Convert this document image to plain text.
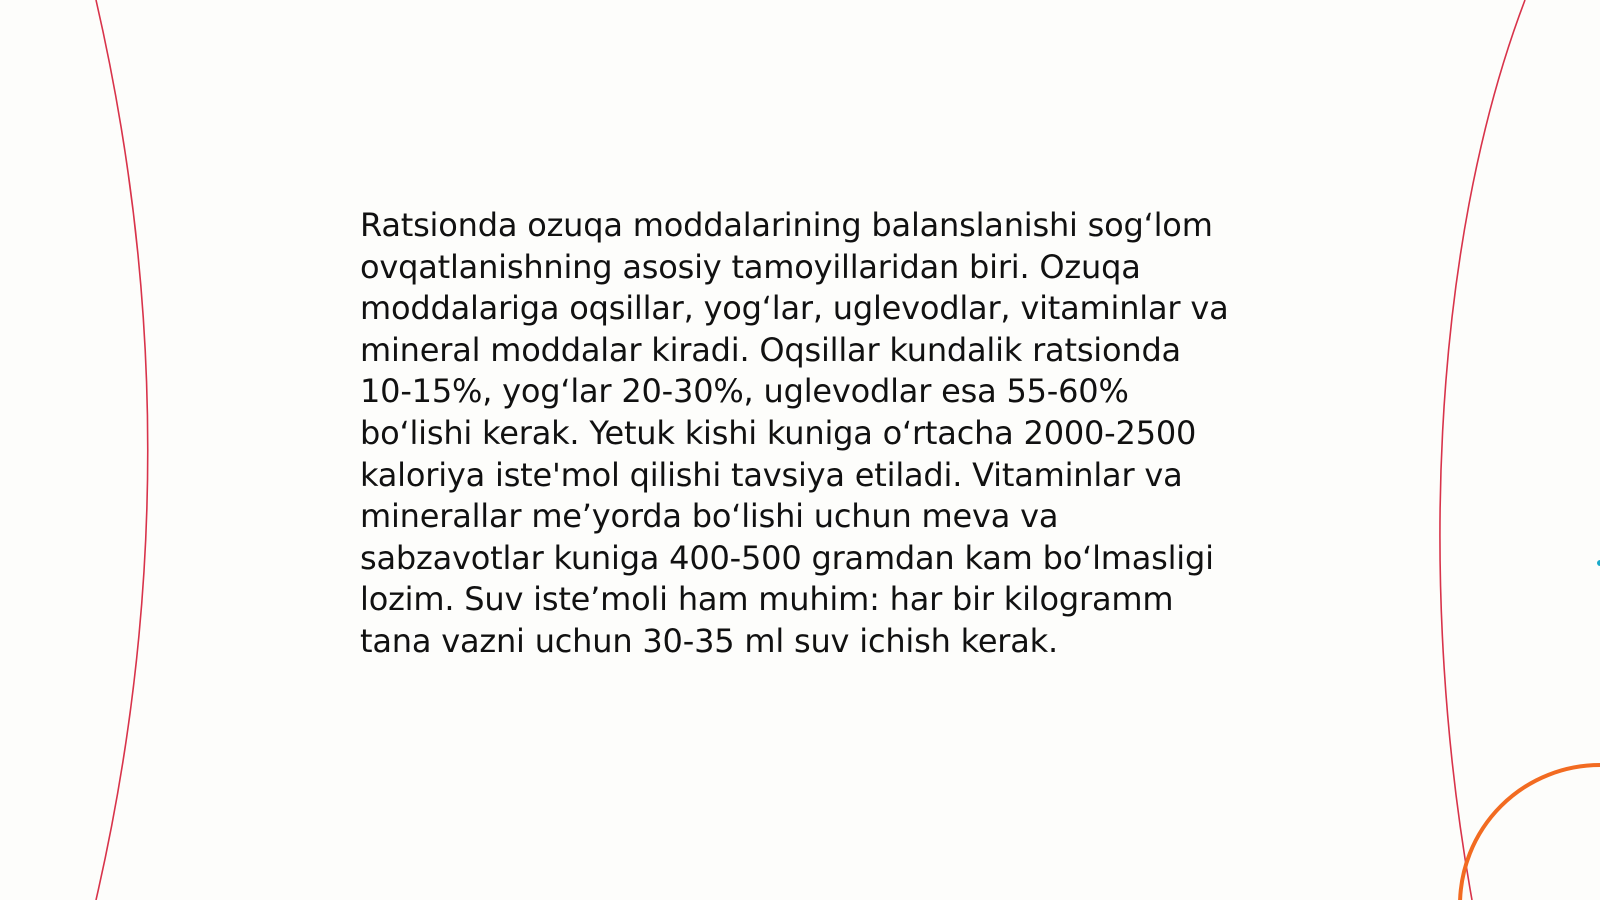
Ratsionda ozuqa moddalarining balanslanishi sog‘lom
ovqatlanishning asosiy tamoyillaridan biri. Ozuqa
moddalariga oqsillar, yog‘lar, uglevodlar, vitaminlar va
mineral moddalar kiradi. Oqsillar kundalik ratsionda
10-15%, yog‘lar 20-30%, uglevodlar esa 55-60%
bo‘lishi kerak. Yetuk kishi kuniga o‘rtacha 2000-2500
kaloriya iste'mol qilishi tavsiya etiladi. Vitaminlar va
minerallar me’yorda bo‘lishi uchun meva va
sabzavotlar kuniga 400-500 gramdan kam bo‘lmasligi
lozim. Suv iste’moli ham muhim: har bir kilogramm
tana vazni uchun 30-35 ml suv ichish kerak.
